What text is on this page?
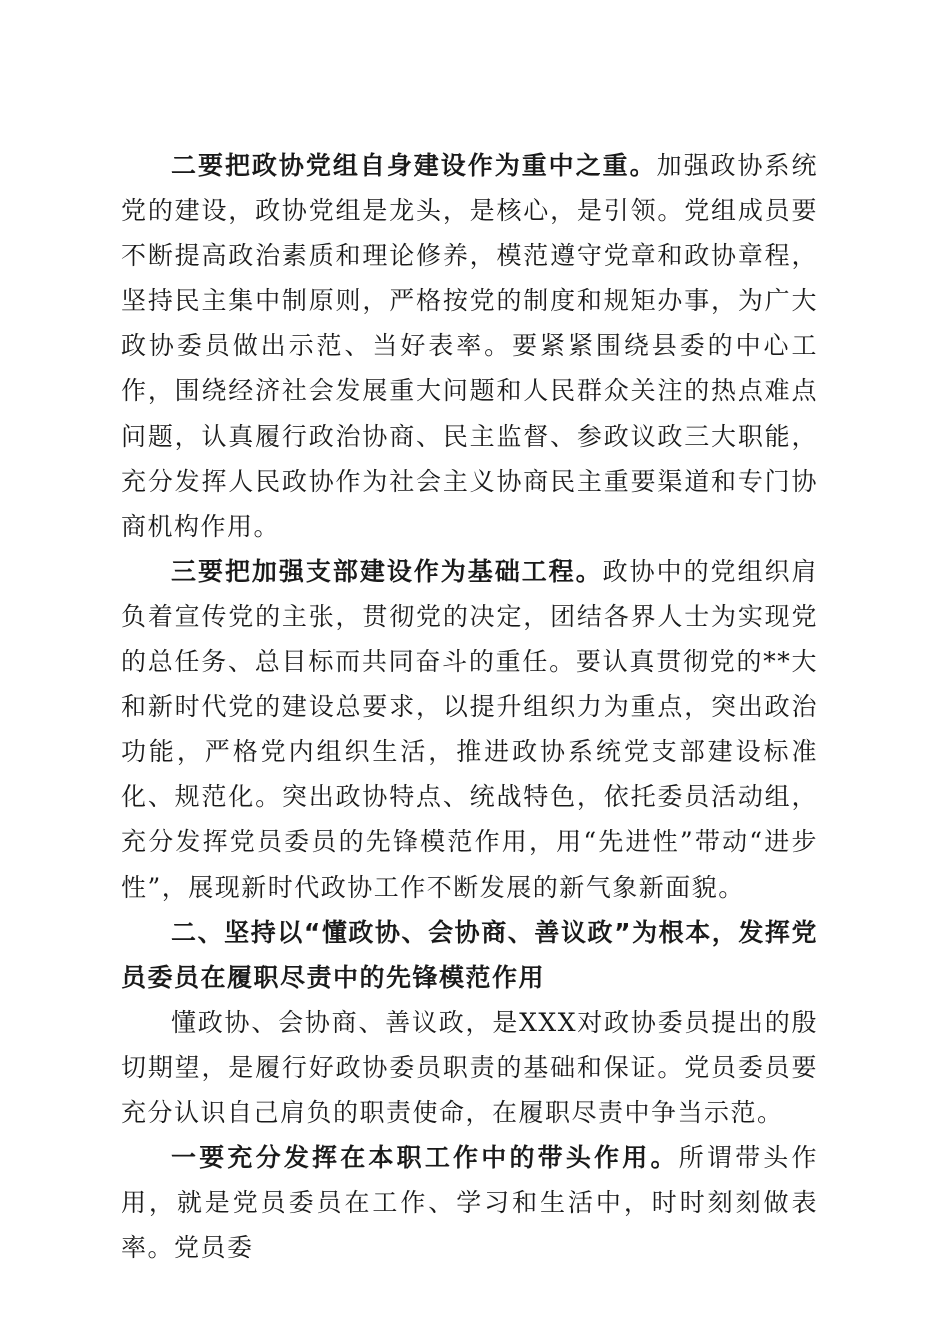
二要把政协党组自身建设作为重中之重。加强政协系统党的建设，政协党组是龙头，是核心，是引领。党组成员要不断提高政治素质和理论修养，模范遵守党章和政协章程，坚持民主集中制原则，严格按党的制度和规矩办事，为广大政协委员做出示范、当好表率。要紧紧围绕县委的中心工作，围绕经济社会发展重大问题和人民群众关注的热点难点问题，认真履行政治协商、民主监督、参政议政三大职能，充分发挥人民政协作为社会主义协商民主重要渠道和专门协商机构作用。

三要把加强支部建设作为基础工程。政协中的党组织肩负着宣传党的主张，贯彻党的决定，团结各界人士为实现党的总任务、总目标而共同奋斗的重任。要认真贯彻党的**大和新时代党的建设总要求，以提升组织力为重点，突出政治功能，严格党内组织生活，推进政协系统党支部建设标准化、规范化。突出政协特点、统战特色，依托委员活动组，充分发挥党员委员的先锋模范作用，用“先进性”带动“进步性”，展现新时代政协工作不断发展的新气象新面貌。

二、坚持以“懂政协、会协商、善议政”为根本，发挥党员委员在履职尽责中的先锋模范作用

懂政协、会协商、善议政，是XXX对政协委员提出的殷切期望，是履行好政协委员职责的基础和保证。党员委员要充分认识自己肩负的职责使命，在履职尽责中争当示范。

一要充分发挥在本职工作中的带头作用。所谓带头作用，就是党员委员在工作、学习和生活中，时时刻刻做表率。党员委
